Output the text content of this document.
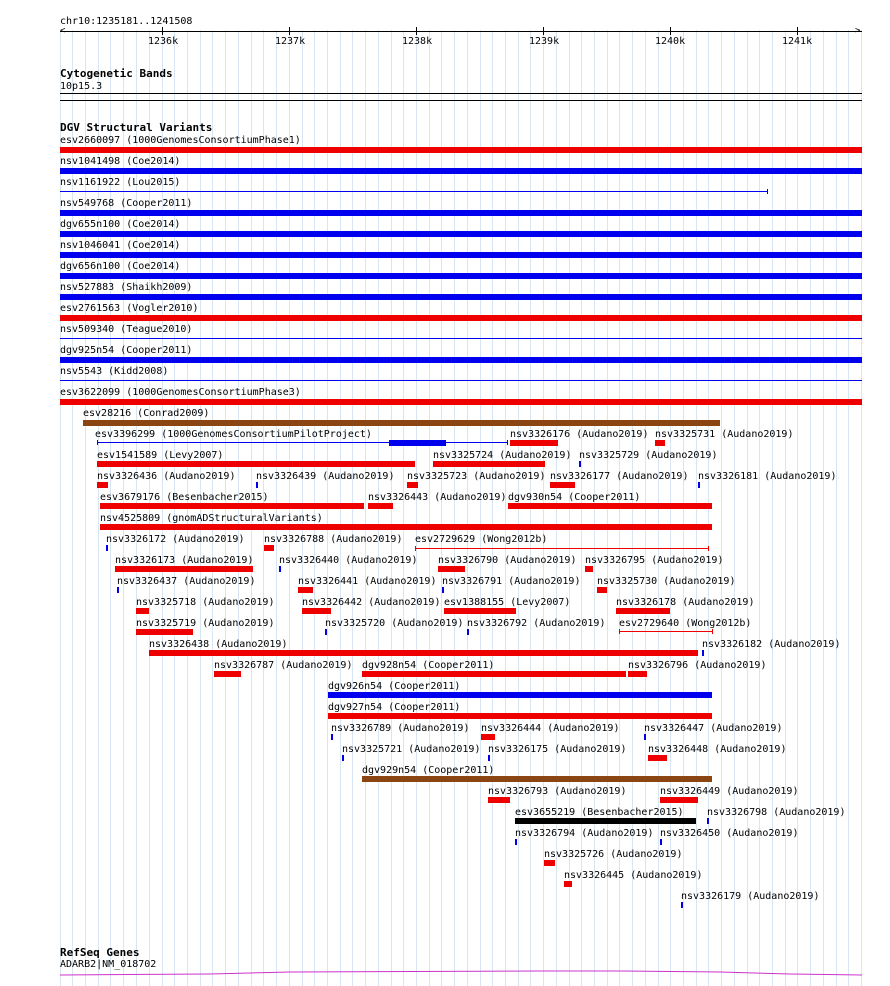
chr10:1235181..1241508
<	>
1236k	1237k	1238k	1239k	1240k	1241k
Cytogenetic Bands
10p15.3
DGV Structural Variants
esv2660097 (1000GenomesConsortiumPhase1)
nsv1041498 (Coe2014)
nsv1161922 (Lou2015)
nsv549768 (Cooper2011)
dgv655n100 (Coe2014)
nsv1046041 (Coe2014)
dgv656n100 (Coe2014)
nsv527883 (Shaikh2009)
esv2761563 (Vogler2010)
nsv509340 (Teague2010)
dgv925n54 (Cooper2011)
nsv5543 (Kidd2008)
esv3622099 (1000GenomesConsortiumPhase3)
esv28216 (Conrad2009)
esv3396299 (1000GenomesConsortiumPilotProject)	nsv3326176 (Audano2019) nsv3325731 (Audano2019)
esv1541589 (Levy2007)	nsv3325724 (Audano2019) nsv3325729 (Audano2019)
nsv3326436 (Audano2019) nsv3326439 (Audano2019) nsv3325723 (Audano2019) nsv3326177 (Audano2019) nsv3326181 (Audano2019)
esv3679176 (Besenbacher2015)	nsv3326443 (Audano2019) dgv930n54 (Cooper2011)
nsv4525809 (gnomADStructuralVariants)
nsv3326172 (Audano2019) nsv3326788 (Audano2019) esv2729629 (Wong2012b)
nsv3326173 (Audano2019)	nsv3326440 (Audano2019) nsv3326790 (Audano2019) nsv3326795 (Audano2019)
nsv3326437 (Audano2019)	nsv3326441 (Audano2019) nsv3326791 (Audano2019) nsv3325730 (Audano2019)
nsv3325718 (Audano2019)	nsv3326442 (Audano2019) esv1388155 (Levy2007)	nsv3326178 (Audano2019)
nsv3325719 (Audano2019)	nsv3325720 (Audano2019) nsv3326792 (Audano2019) esv2729640 (Wong2012b)
nsv3326438 (Audano2019)	nsv3326182 (Audano2019)
nsv3326787 (Audano2019) dgv928n54 (Cooper2011)	nsv3326796 (Audano2019)
dgv926n54 (Cooper2011)
dgv927n54 (Cooper2011)
nsv3326789 (Audano2019) nsv3326444 (Audano2019) nsv3326447 (Audano2019)
nsv3325721 (Audano2019) nsv3326175 (Audano2019) nsv3326448 (Audano2019)
dgv929n54 (Cooper2011)
nsv3326793 (Audano2019)	nsv3326449 (Audano2019)
esv3655219 (Besenbacher2015) nsv3326798 (Audano2019)
nsv3326794 (Audano2019) nsv3326450 (Audano2019)
nsv3325726 (Audano2019)
nsv3326445 (Audano2019)
nsv3326179 (Audano2019)
RefSeq Genes
ADARB2|NM_018702
